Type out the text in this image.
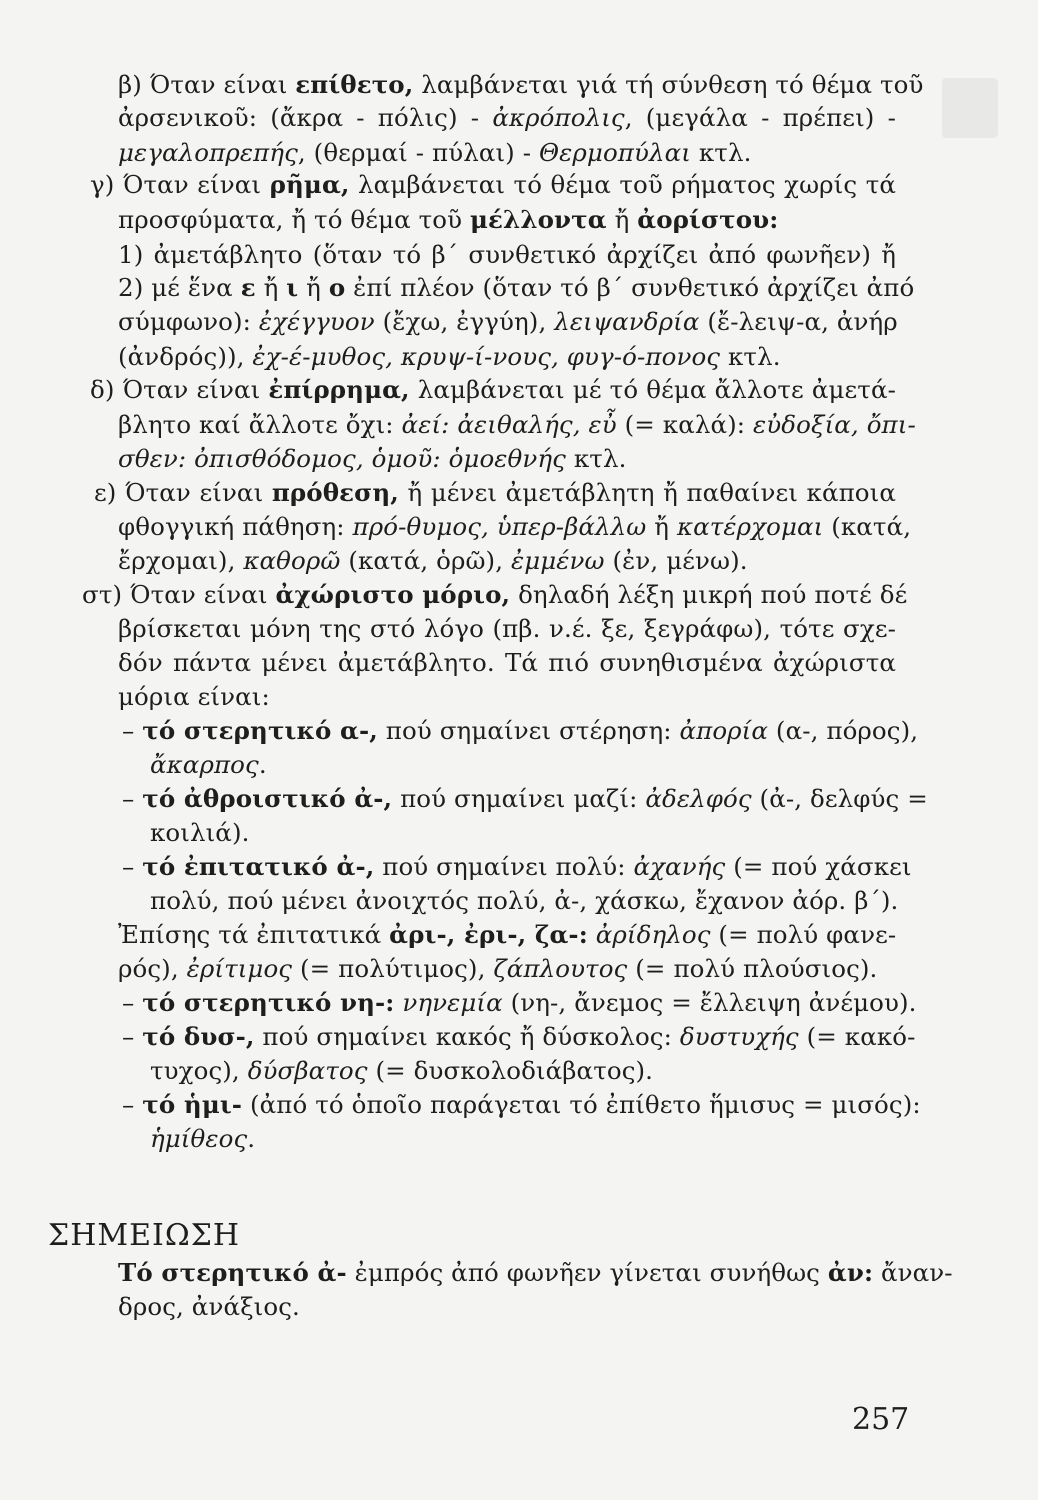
β) Όταν είναι επίθετο, λαμβάνεται γιά τή σύνθεση τό θέμα τοῦ
ἀρσενικοῦ: (ἄκρα - πόλις) - ἀκρόπολις, (μεγάλα - πρέπει) -
μεγαλοπρεπής, (θερμαί - πύλαι) - Θερμοπύλαι κτλ.
γ) Όταν είναι ρῆμα, λαμβάνεται τό θέμα τοῦ ρήματος χωρίς τά
προσφύματα, ἤ τό θέμα τοῦ μέλλοντα ἤ ἀορίστου:
1) ἀμετάβλητο (ὅταν τό β΄ συνθετικό ἀρχίζει ἀπό φωνῆεν) ἤ
2) μέ ἕνα ε ἤ ι ἤ ο ἐπί πλέον (ὅταν τό β΄ συνθετικό ἀρχίζει ἀπό
σύμφωνο): ἐχέγγυον (ἔχω, ἐγγύη), λειψανδρία (ἔ-λειψ-α, ἀνήρ
(ἀνδρός)), ἐχ-έ-μυθος, κρυψ-ί-νους, φυγ-ό-πονος κτλ.
δ) Όταν είναι ἐπίρρημα, λαμβάνεται μέ τό θέμα ἄλλοτε ἀμετά-
βλητο καί ἄλλοτε ὄχι: ἀεί: ἀειθαλής, εὖ (= καλά): εὐδοξία, ὄπι-
σθεν: ὀπισθόδομος, ὁμοῦ: ὁμοεθνής κτλ.
ε) Όταν είναι πρόθεση, ἤ μένει ἀμετάβλητη ἤ παθαίνει κάποια
φθογγική πάθηση: πρό-θυμος, ὑπερ-βάλλω ἤ κατέρχομαι (κατά,
ἔρχομαι), καθορῶ (κατά, ὁρῶ), ἐμμένω (ἐν, μένω).
στ) Όταν είναι ἀχώριστο μόριο, δηλαδή λέξη μικρή πού ποτέ δέ
βρίσκεται μόνη της στό λόγο (πβ. ν.έ. ξε, ξεγράφω), τότε σχε-
δόν πάντα μένει ἀμετάβλητο. Τά πιό συνηθισμένα ἀχώριστα
μόρια είναι:
– τό στερητικό α-, πού σημαίνει στέρηση: ἀπορία (α-, πόρος),
ἄκαρπος.
– τό ἀθροιστικό ἀ-, πού σημαίνει μαζί: ἀδελφός (ἀ-, δελφύς =
κοιλιά).
– τό ἐπιτατικό ἀ-, πού σημαίνει πολύ: ἀχανής (= πού χάσκει
πολύ, πού μένει ἀνοιχτός πολύ, ἀ-, χάσκω, ἔχανον ἀόρ. β΄).
Ἐπίσης τά ἐπιτατικά ἀρι-, ἐρι-, ζα-: ἀρίδηλος (= πολύ φανε-
ρός), ἐρίτιμος (= πολύτιμος), ζάπλουτος (= πολύ πλούσιος).
– τό στερητικό νη-: νηνεμία (νη-, ἄνεμος = ἔλλειψη ἀνέμου).
– τό δυσ-, πού σημαίνει κακός ἤ δύσκολος: δυστυχής (= κακό-
τυχος), δύσβατος (= δυσκολοδιάβατος).
– τό ἡμι- (ἀπό τό ὁποῖο παράγεται τό ἐπίθετο ἥμισυς = μισός):
ἡμίθεος.
ΣΗΜΕΙΩΣΗ
Τό στερητικό ἀ- ἐμπρός ἀπό φωνῆεν γίνεται συνήθως ἀν: ἄναν-
δρος, ἀνάξιος.
257
